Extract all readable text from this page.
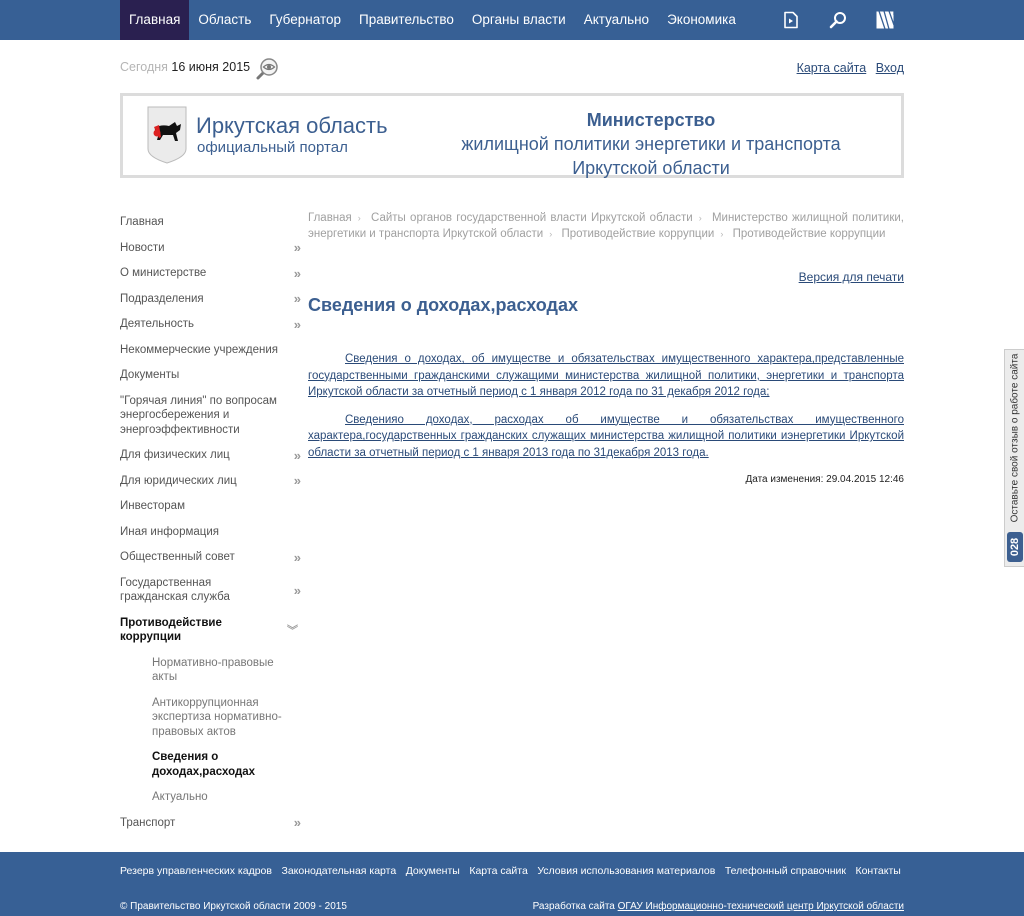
Главная	Область	Губернатор	Правительство	Органы власти	Актуально	Экономика
Сегодня 16 июня 2015	Карта сайта Вход
Иркутская область
официальный портал
Министерство
жилищной политики энергетики и транспорта
Иркутской области
Главная
Новости	»
О министерстве	»
Подразделения	»
Деятельность	»
Некоммерческие учреждения
Документы
"Горячая линия" по вопросам энергосбережения и энергоэффективности
Для физических лиц	»
Для юридических лиц	»
Инвесторам
Иная информация
Общественный совет	»
Государственная гражданская служба	»
Противодействие коррупции
︾
Нормативно-правовые акты
Антикоррупционная экспертиза нормативно-правовых актов
Сведения о доходах,расходах
Актуально
Транспорт	»
Главная › Сайты органов государственной власти Иркутской области › Министерство жилищной политики, энергетики и транспорта Иркутской области › Противодействие коррупции › Противодействие коррупции
Версия для печати
Сведения о доходах,расходах

Сведения о доходах, об имуществе и обязательствах имущественного характера,представленные государственными гражданскими служащими министерства жилищной политики, энергетики и транспорта Иркутской области за отчетный период с 1 января 2012 года по 31 декабря 2012 года;

Сведенияо доходах, расходах об имуществе и обязательствах имущественного характера,государственных гражданских служащих министерства жилищной политики иэнергетики Иркутской области за отчетный период с 1 января 2013 года по 31декабря 2013 года.

Дата изменения: 29.04.2015 12:46	Оставьте свой отзыв о работе сайта
028
Резерв управленческих кадров Законодательная карта Документы Карта сайта Условия использования материалов Телефонный справочник Контакты
© Правительство Иркутской области 2009 - 2015	Разработка сайта ОГАУ Информационно-технический центр Иркутской области
